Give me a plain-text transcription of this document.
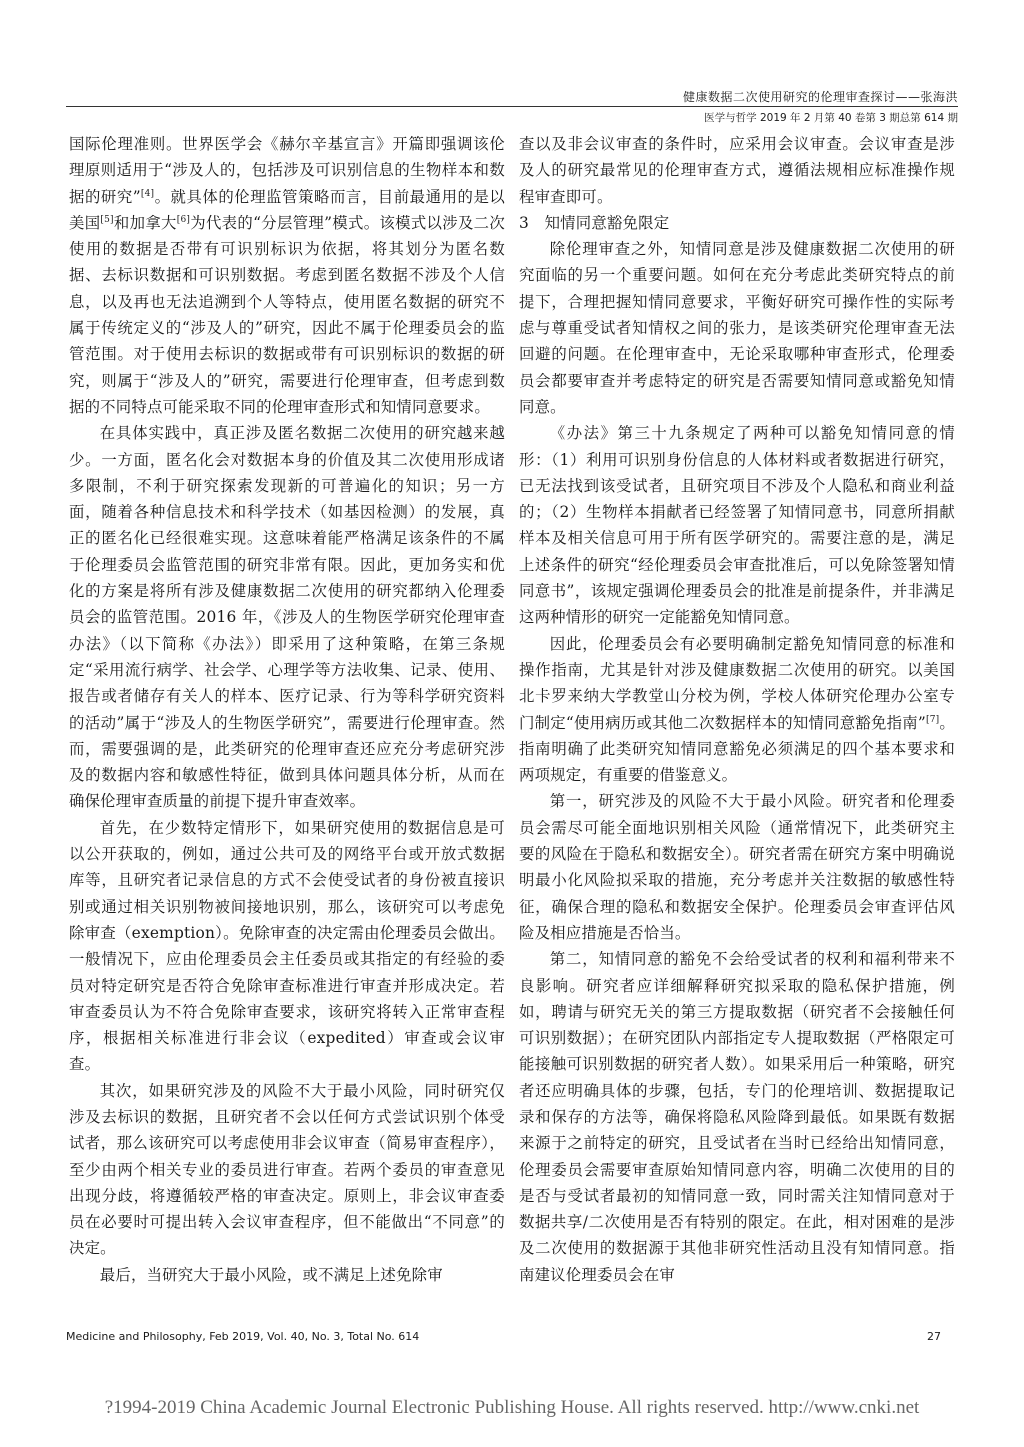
健康数据二次使用研究的伦理审查探讨——张海洪
医学与哲学 2019 年 2 月第 40 卷第 3 期总第 614 期

国际伦理准则。世界医学会《赫尔辛基宣言》开篇即强调该伦理原则适用于“涉及人的，包括涉及可识别信息的生物样本和数据的研究”[4]。就具体的伦理监管策略而言，目前最通用的是以美国[5]和加拿大[6]为代表的“分层管理”模式。该模式以涉及二次使用的数据是否带有可识别标识为依据，将其划分为匿名数据、去标识数据和可识别数据。考虑到匿名数据不涉及个人信息，以及再也无法追溯到个人等特点，使用匿名数据的研究不属于传统定义的“涉及人的”研究，因此不属于伦理委员会的监管范围。对于使用去标识的数据或带有可识别标识的数据的研究，则属于“涉及人的”研究，需要进行伦理审查，但考虑到数据的不同特点可能采取不同的伦理审查形式和知情同意要求。

在具体实践中，真正涉及匿名数据二次使用的研究越来越少。一方面，匿名化会对数据本身的价值及其二次使用形成诸多限制，不利于研究探索发现新的可普遍化的知识；另一方面，随着各种信息技术和科学技术（如基因检测）的发展，真正的匿名化已经很难实现。这意味着能严格满足该条件的不属于伦理委员会监管范围的研究非常有限。因此，更加务实和优化的方案是将所有涉及健康数据二次使用的研究都纳入伦理委员会的监管范围。2016 年，《涉及人的生物医学研究伦理审查办法》（以下简称《办法》）即采用了这种策略，在第三条规定“采用流行病学、社会学、心理学等方法收集、记录、使用、报告或者储存有关人的样本、医疗记录、行为等科学研究资料的活动”属于“涉及人的生物医学研究”，需要进行伦理审查。然而，需要强调的是，此类研究的伦理审查还应充分考虑研究涉及的数据内容和敏感性特征，做到具体问题具体分析，从而在确保伦理审查质量的前提下提升审查效率。

首先，在少数特定情形下，如果研究使用的数据信息是可以公开获取的，例如，通过公共可及的网络平台或开放式数据库等，且研究者记录信息的方式不会使受试者的身份被直接识别或通过相关识别物被间接地识别，那么，该研究可以考虑免除审查（exemption）。免除审查的决定需由伦理委员会做出。一般情况下，应由伦理委员会主任委员或其指定的有经验的委员对特定研究是否符合免除审查标准进行审查并形成决定。若审查委员认为不符合免除审查要求，该研究将转入正常审查程序，根据相关标准进行非会议（expedited）审查或会议审查。

其次，如果研究涉及的风险不大于最小风险，同时研究仅涉及去标识的数据，且研究者不会以任何方式尝试识别个体受试者，那么该研究可以考虑使用非会议审查（简易审查程序），至少由两个相关专业的委员进行审查。若两个委员的审查意见出现分歧，将遵循较严格的审查决定。原则上，非会议审查委员在必要时可提出转入会议审查程序，但不能做出“不同意”的决定。

最后，当研究大于最小风险，或不满足上述免除审

查以及非会议审查的条件时，应采用会议审查。会议审查是涉及人的研究最常见的伦理审查方式，遵循法规相应标准操作规程审查即可。

3　知情同意豁免限定

除伦理审查之外，知情同意是涉及健康数据二次使用的研究面临的另一个重要问题。如何在充分考虑此类研究特点的前提下，合理把握知情同意要求，平衡好研究可操作性的实际考虑与尊重受试者知情权之间的张力，是该类研究伦理审查无法回避的问题。在伦理审查中，无论采取哪种审查形式，伦理委员会都要审查并考虑特定的研究是否需要知情同意或豁免知情同意。

《办法》第三十九条规定了两种可以豁免知情同意的情形：（1）利用可识别身份信息的人体材料或者数据进行研究，已无法找到该受试者，且研究项目不涉及个人隐私和商业利益的；（2）生物样本捐献者已经签署了知情同意书，同意所捐献样本及相关信息可用于所有医学研究的。需要注意的是，满足上述条件的研究“经伦理委员会审查批准后，可以免除签署知情同意书”，该规定强调伦理委员会的批准是前提条件，并非满足这两种情形的研究一定能豁免知情同意。

因此，伦理委员会有必要明确制定豁免知情同意的标准和操作指南，尤其是针对涉及健康数据二次使用的研究。以美国北卡罗来纳大学教堂山分校为例，学校人体研究伦理办公室专门制定“使用病历或其他二次数据样本的知情同意豁免指南”[7]。指南明确了此类研究知情同意豁免必须满足的四个基本要求和两项规定，有重要的借鉴意义。

第一，研究涉及的风险不大于最小风险。研究者和伦理委员会需尽可能全面地识别相关风险（通常情况下，此类研究主要的风险在于隐私和数据安全）。研究者需在研究方案中明确说明最小化风险拟采取的措施，充分考虑并关注数据的敏感性特征，确保合理的隐私和数据安全保护。伦理委员会审查评估风险及相应措施是否恰当。

第二，知情同意的豁免不会给受试者的权利和福利带来不良影响。研究者应详细解释研究拟采取的隐私保护措施，例如，聘请与研究无关的第三方提取数据（研究者不会接触任何可识别数据）；在研究团队内部指定专人提取数据（严格限定可能接触可识别数据的研究者人数）。如果采用后一种策略，研究者还应明确具体的步骤，包括，专门的伦理培训、数据提取记录和保存的方法等，确保将隐私风险降到最低。如果既有数据来源于之前特定的研究，且受试者在当时已经给出知情同意，伦理委员会需要审查原始知情同意内容，明确二次使用的目的是否与受试者最初的知情同意一致，同时需关注知情同意对于数据共享/二次使用是否有特别的限定。在此，相对困难的是涉及二次使用的数据源于其他非研究性活动且没有知情同意。指南建议伦理委员会在审

Medicine and Philosophy, Feb 2019, Vol. 40, No. 3, Total No. 614	27
?1994-2019 China Academic Journal Electronic Publishing House. All rights reserved. http://www.cnki.net
